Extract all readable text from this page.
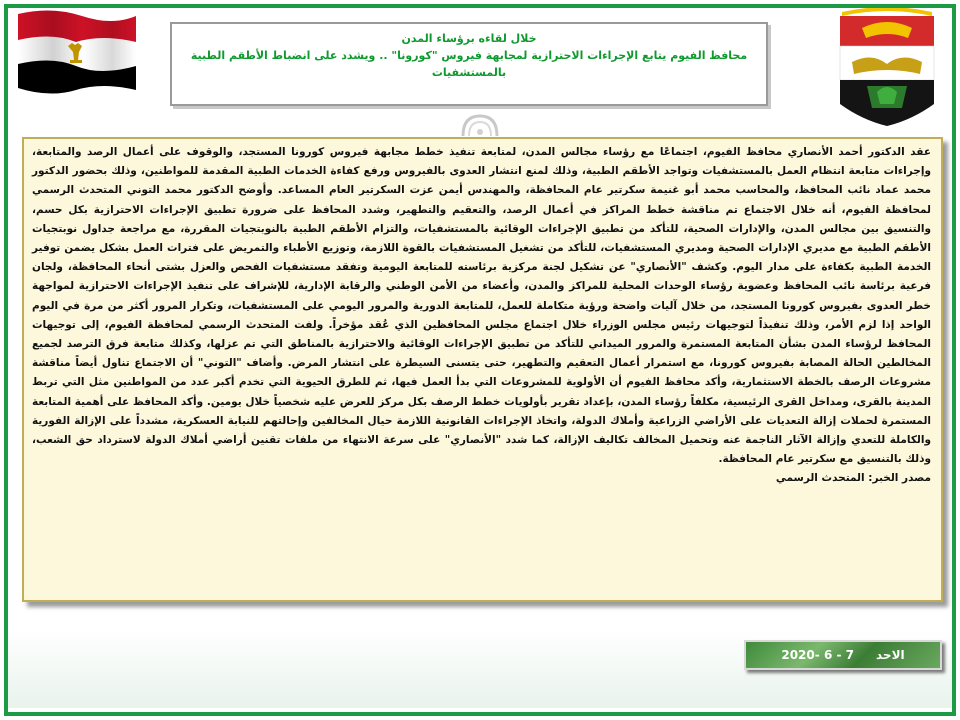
خلال لقاءه برؤساء المدن
محافظ الفيوم يتابع الإجراءات الاحترازية لمجابهة فيروس "كورونا" .. ويشدد على انضباط الأطقم الطبية بالمستشفيات

عقد الدكتور أحمد الأنصاري محافظ الفيوم، اجتماعًا مع رؤساء مجالس المدن، لمتابعة تنفيذ خطط مجابهة فيروس كورونا المستجد، والوقوف على أعمال الرصد والمتابعة، وإجراءات متابعة انتظام العمل بالمستشفيات وتواجد الأطقم الطبية، وذلك لمنع انتشار العدوى بالفيروس ورفع كفاءة الخدمات الطبية المقدمة للمواطنين، وذلك بحضور الدكتور محمد عماد نائب المحافظ، والمحاسب محمد أبو غنيمة سكرتير عام المحافظة، والمهندس أيمن عزت السكرتير العام المساعد. وأوضح الدكتور محمد التوني المتحدث الرسمي لمحافظة الفيوم، أنه خلال الاجتماع تم مناقشة خطط المراكز في أعمال الرصد، والتعقيم والتطهير، وشدد المحافظ على ضرورة تطبيق الإجراءات الاحترازية بكل حسم، والتنسيق بين مجالس المدن، والإدارات الصحية، للتأكد من تطبيق الإجراءات الوقائية بالمستشفيات، والتزام الأطقم الطبية بالنوبتجيات المقررة، مع مراجعة جداول نوبتجيات الأطقم الطبية مع مديري الإدارات الصحية ومديري المستشفيات، للتأكد من تشغيل المستشفيات بالقوة اللازمة، وتوزيع الأطباء والتمريض على فترات العمل بشكل يضمن توفير الخدمة الطبية بكفاءة على مدار اليوم. وكشف "الأنصاري" عن تشكيل لجنة مركزية برئاسته للمتابعة اليومية وتفقد مستشفيات الفحص والعزل بشتى أنحاء المحافظة، ولجان فرعية برئاسة نائب المحافظ وعضوية رؤساء الوحدات المحلية للمراكز والمدن، وأعضاء من الأمن الوطني والرقابة الإدارية، للإشراف على تنفيذ الإجراءات الاحترازية لمواجهة خطر العدوى بفيروس كورونا المستجد، من خلال آليات واضحة ورؤية متكاملة للعمل، للمتابعة الدورية والمرور اليومي على المستشفيات، وتكرار المرور أكثر من مرة في اليوم الواحد إذا لزم الأمر، وذلك تنفيذاً لتوجيهات رئيس مجلس الوزراء خلال اجتماع مجلس المحافظين الذي عُقد مؤخراً. ولفت المتحدث الرسمي لمحافظة الفيوم، إلى توجيهات المحافظ لرؤساء المدن بشأن المتابعة المستمرة والمرور الميداني للتأكد من تطبيق الإجراءات الوقائية والاحترازية بالمناطق التي تم عزلها، وكذلك متابعة فرق الترصد لجميع المخالطين الحالة المصابة بفيروس كورونا، مع استمرار أعمال التعقيم والتطهير، حتى يتسنى السيطرة على انتشار المرض. وأضاف "التوني" أن الاجتماع تناول أيضاً مناقشة مشروعات الرصف بالخطة الاستثمارية، وأكد محافظ الفيوم أن الأولوية للمشروعات التي بدأ العمل فيها، ثم للطرق الحيوية التي تخدم أكبر عدد من المواطنين مثل التي تربط المدينة بالقرى، ومداخل القرى الرئيسية، مكلفاً رؤساء المدن، بإعداد تقرير بأولويات خطط الرصف بكل مركز للعرض عليه شخصياً خلال يومين. وأكد المحافظ على أهمية المتابعة المستمرة لحملات إزالة التعديات على الأراضي الزراعية وأملاك الدولة، واتخاذ الإجراءات القانونية اللازمة حيال المخالفين وإحالتهم للنيابة العسكرية، مشدداً على الإزالة الفورية والكاملة للتعدي وإزالة الآثار الناجمة عنه وتحميل المخالف تكاليف الإزالة، كما شدد "الأنصاري" على سرعة الانتهاء من ملفات تقنين أراضي أملاك الدولة لاسترداد حق الشعب، وذلك بالتنسيق مع سكرتير عام المحافظة.

مصدر الخبر: المتحدث الرسمي

الاحد
7 - 6 -2020
